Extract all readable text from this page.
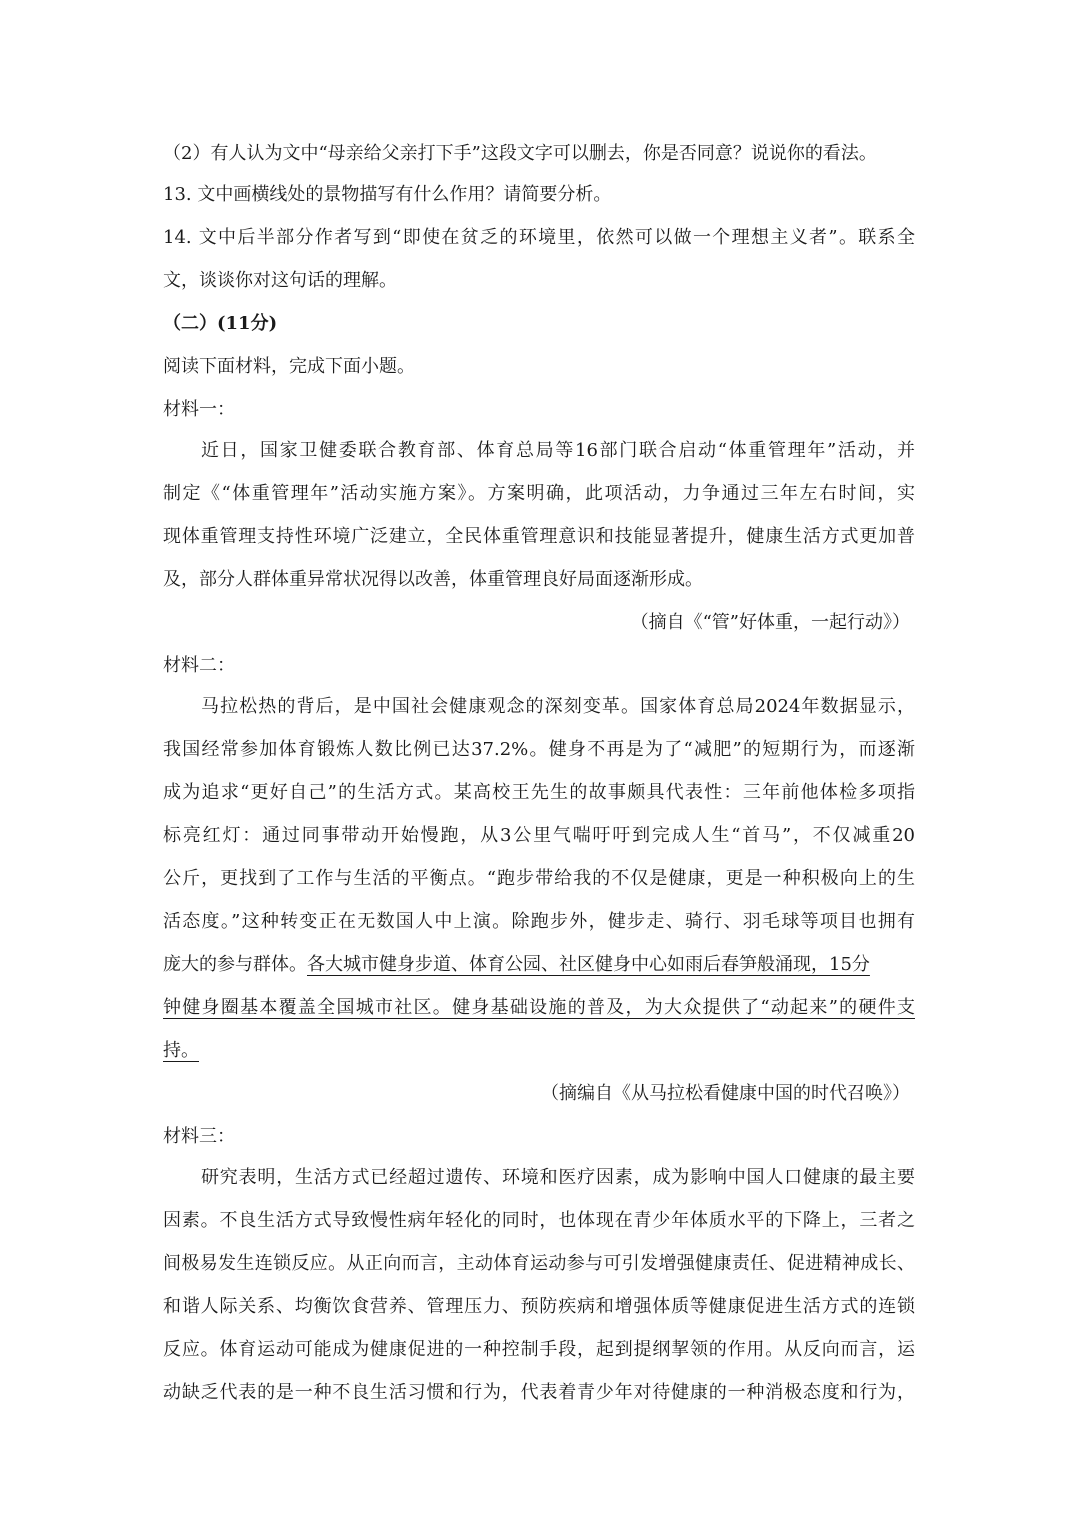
（2）有人认为文中“母亲给父亲打下手”这段文字可以删去，你是否同意？说说你的看法。
13. 文中画横线处的景物描写有什么作用？请简要分析。
14. 文中后半部分作者写到“即使在贫乏的环境里，依然可以做一个理想主义者”。联系全
文，谈谈你对这句话的理解。
（二）(11分)
阅读下面材料，完成下面小题。
材料一：
近日，国家卫健委联合教育部、体育总局等16部门联合启动“体重管理年”活动，并
制定《“体重管理年”活动实施方案》。方案明确，此项活动，力争通过三年左右时间，实
现体重管理支持性环境广泛建立，全民体重管理意识和技能显著提升，健康生活方式更加普
及，部分人群体重异常状况得以改善，体重管理良好局面逐渐形成。
（摘自《“管”好体重，一起行动》）
材料二：
马拉松热的背后，是中国社会健康观念的深刻变革。国家体育总局2024年数据显示，
我国经常参加体育锻炼人数比例已达37.2%。健身不再是为了“减肥”的短期行为，而逐渐
成为追求“更好自己”的生活方式。某高校王先生的故事颇具代表性：三年前他体检多项指
标亮红灯：通过同事带动开始慢跑，从3公里气喘吁吁到完成人生“首马”，不仅减重20
公斤，更找到了工作与生活的平衡点。“跑步带给我的不仅是健康，更是一种积极向上的生
活态度。”这种转变正在无数国人中上演。除跑步外，健步走、骑行、羽毛球等项目也拥有
庞大的参与群体。各大城市健身步道、体育公园、社区健身中心如雨后春笋般涌现，15分
钟健身圈基本覆盖全国城市社区。健身基础设施的普及，为大众提供了“动起来”的硬件支
持。
（摘编自《从马拉松看健康中国的时代召唤》）
材料三：
研究表明，生活方式已经超过遗传、环境和医疗因素，成为影响中国人口健康的最主要
因素。不良生活方式导致慢性病年轻化的同时，也体现在青少年体质水平的下降上，三者之
间极易发生连锁反应。从正向而言，主动体育运动参与可引发增强健康责任、促进精神成长、
和谐人际关系、均衡饮食营养、管理压力、预防疾病和增强体质等健康促进生活方式的连锁
反应。体育运动可能成为健康促进的一种控制手段，起到提纲挈领的作用。从反向而言，运
动缺乏代表的是一种不良生活习惯和行为，代表着青少年对待健康的一种消极态度和行为，
